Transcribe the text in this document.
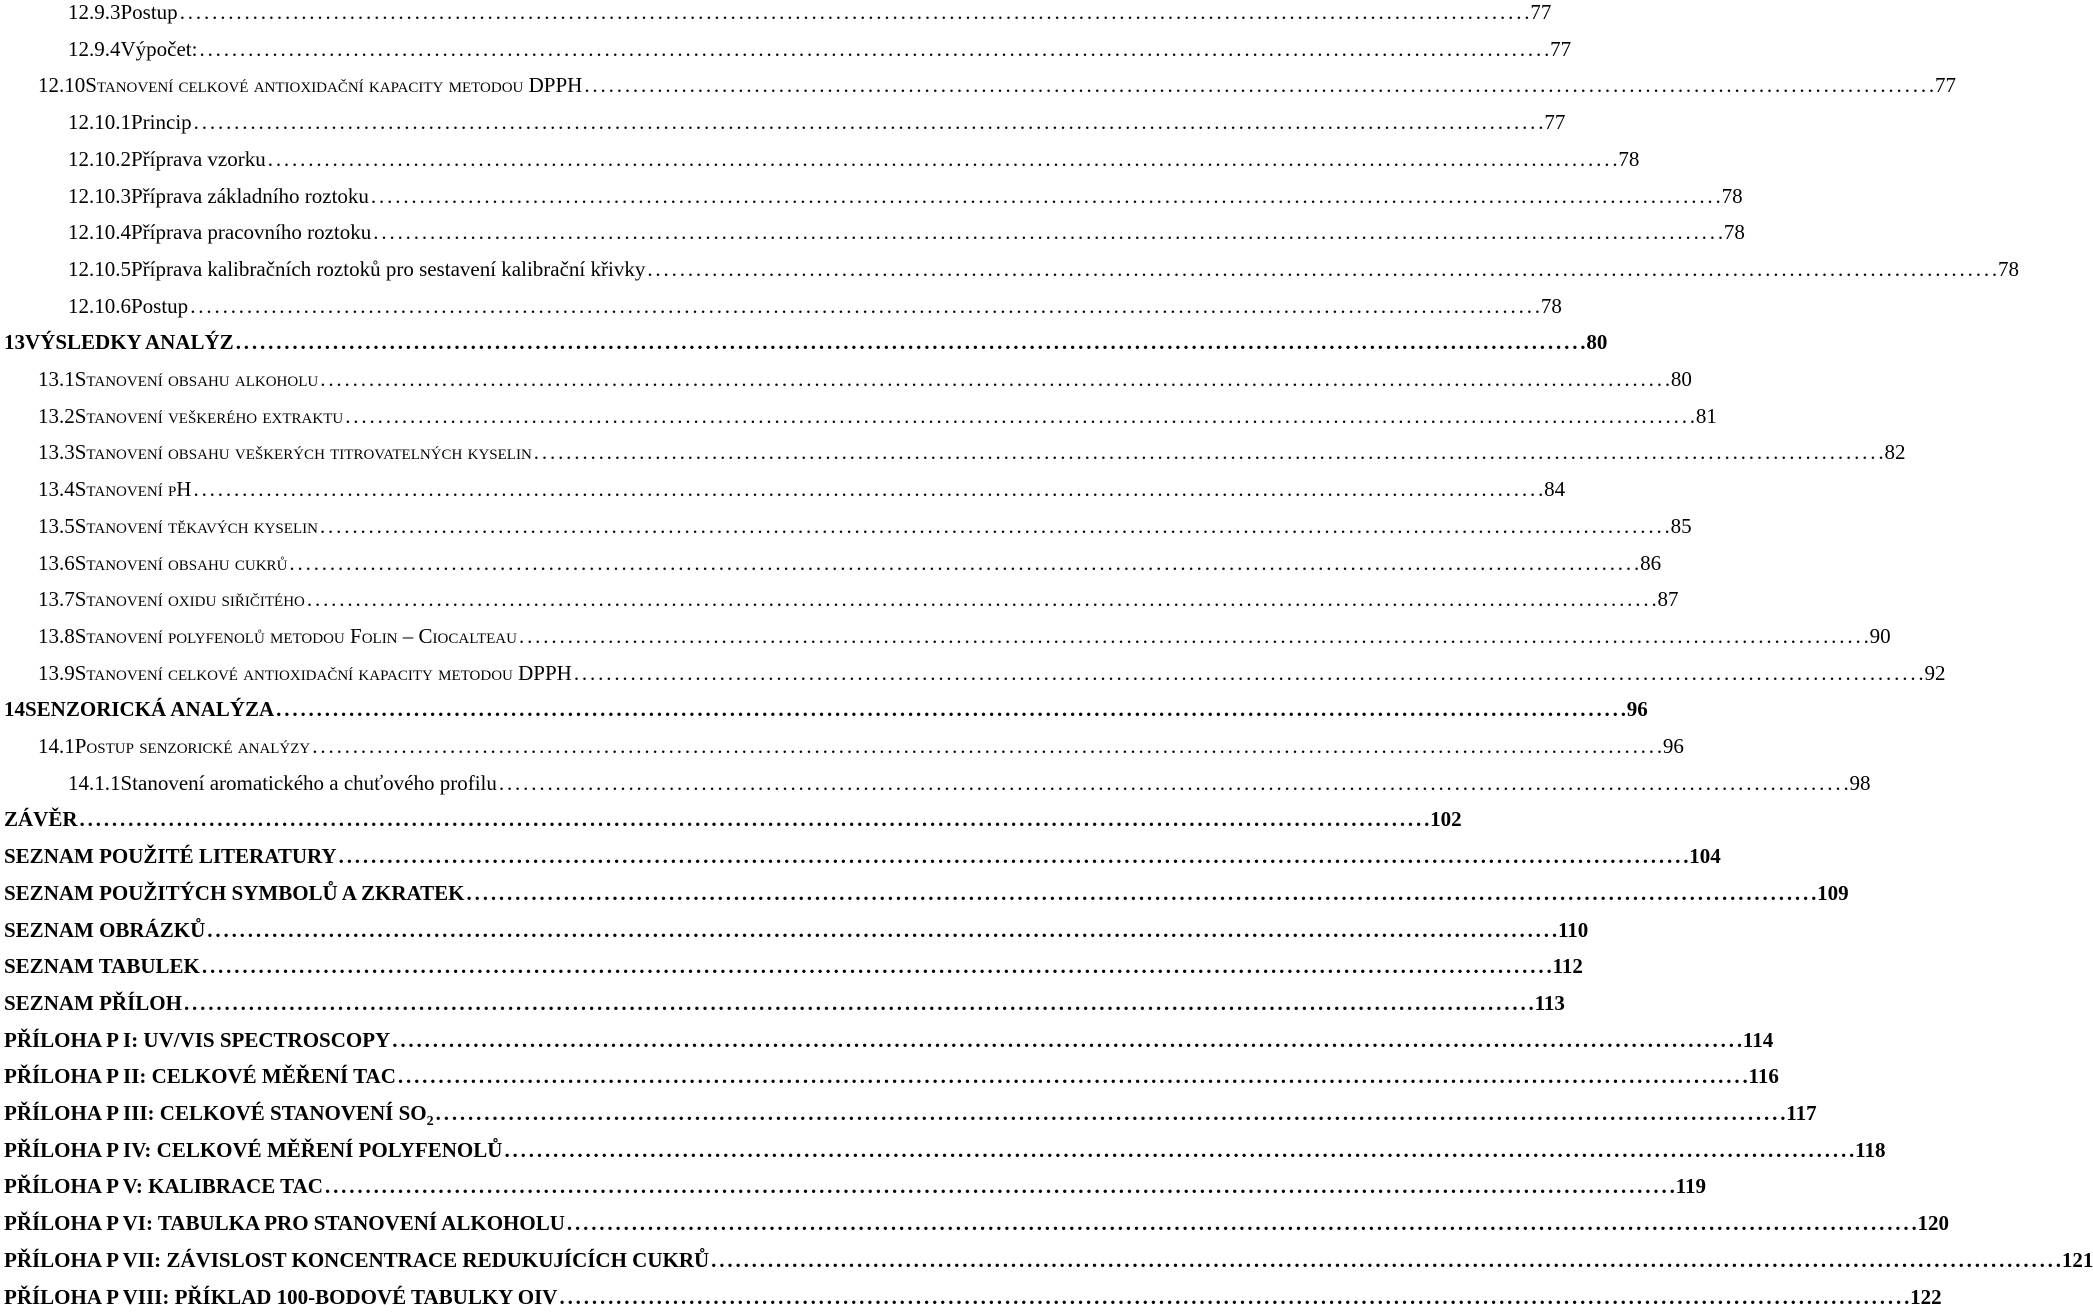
12.9.3 Postup . . .	77
12.9.4 Výpočet: . . .	77
12.10 Stanovení celkové antioxidační kapacity metodou DPPH . . .	77
12.10.1 Princip . . .	77
12.10.2 Příprava vzorku . . .	78
12.10.3 Příprava základního roztoku . . .	78
12.10.4 Příprava pracovního roztoku . . .	78
12.10.5 Příprava kalibračních roztoků pro sestavení kalibrační křivky . . .	78
12.10.6 Postup . . .	78
13 VÝSLEDKY ANALÝZ . . .	80
13.1 Stanovení obsahu alkoholu . . .	80
13.2 Stanovení veškerého extraktu . . .	81
13.3 Stanovení obsahu veškerých titrovatelných kyselin . . .	82
13.4 Stanovení pH . . .	84
13.5 Stanovení těkavých kyselin . . .	85
13.6 Stanovení obsahu cukrů . . .	86
13.7 Stanovení oxidu siřičitého . . .	87
13.8 Stanovení polyfenolů metodou Folin – Ciocalteau . . .	90
13.9 Stanovení celkové antioxidační kapacity metodou DPPH . . .	92
14 SENZORICKÁ ANALÝZA . . .	96
14.1 Postup senzorické analýzy . . .	96
14.1.1 Stanovení aromatického a chuťového profilu . . .	98
ZÁVĚR . . .	102
SEZNAM POUŽITÉ LITERATURY . . .	104
SEZNAM POUŽITÝCH SYMBOLŮ A ZKRATEK . . .	109
SEZNAM OBRÁZKŮ . . .	110
SEZNAM TABULEK . . .	112
SEZNAM PŘÍLOH . . .	113
PŘÍLOHA P I: UV/VIS SPECTROSCOPY . . .	114
PŘÍLOHA P II: CELKOVÉ MĚŘENÍ TAC . . .	116
PŘÍLOHA P III: CELKOVÉ STANOVENÍ $SO_2$ . . .	117
PŘÍLOHA P IV: CELKOVÉ MĚŘENÍ POLYFENOLŮ . . .	118
PŘÍLOHA P V: KALIBRACE TAC . . .	119
PŘÍLOHA P VI: TABULKA PRO STANOVENÍ ALKOHOLU . . .	120
PŘÍLOHA P VII: ZÁVISLOST KONCENTRACE REDUKUJÍCÍCH CUKRŮ . . .	121
PŘÍLOHA P VIII: PŘÍKLAD 100-BODOVÉ TABULKY OIV . . .	122
